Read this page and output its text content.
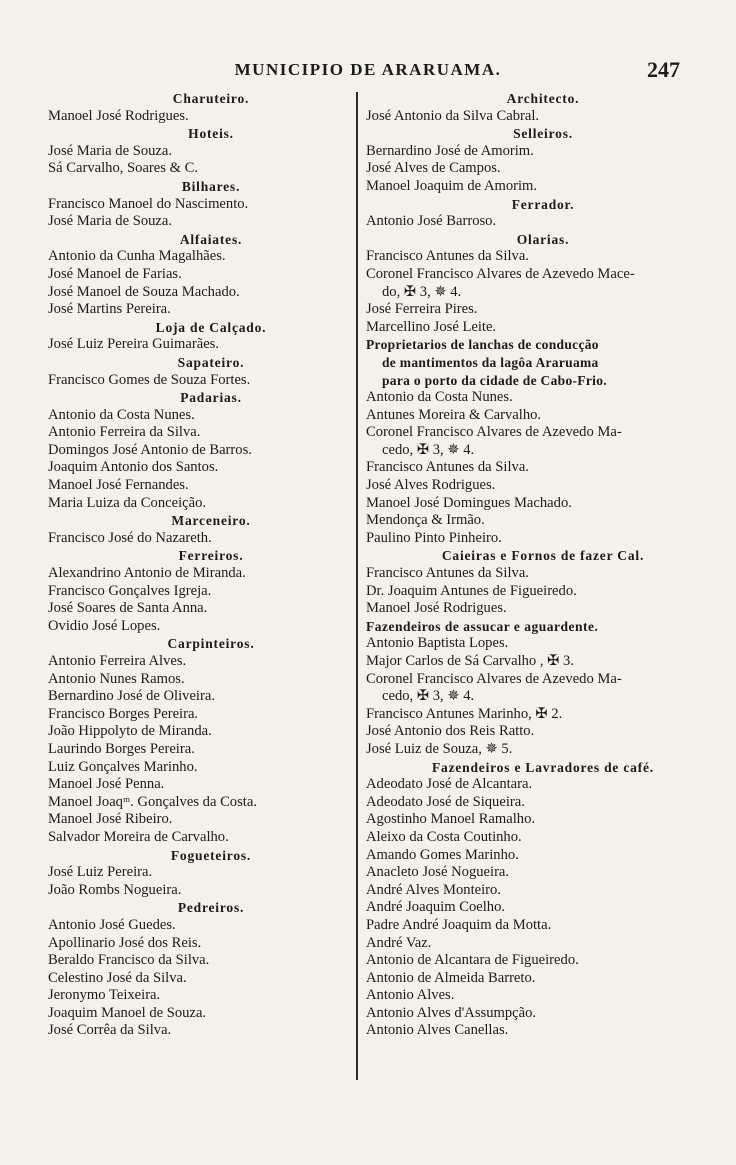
MUNICIPIO DE ARARUAMA.	247
Charuteiro.
Manoel José Rodrigues.
Hoteis.
José Maria de Souza.
Sá Carvalho, Soares & C.
Bilhares.
Francisco Manoel do Nascimento.
José Maria de Souza.
Alfaiates.
Antonio da Cunha Magalhães.
José Manoel de Farias.
José Manoel de Souza Machado.
José Martins Pereira.
Loja de Calçado.
José Luiz Pereira Guimarães.
Sapateiro.
Francisco Gomes de Souza Fortes.
Padarias.
Antonio da Costa Nunes.
Antonio Ferreira da Silva.
Domingos José Antonio de Barros.
Joaquim Antonio dos Santos.
Manoel José Fernandes.
Maria Luiza da Conceição.
Marceneiro.
Francisco José do Nazareth.
Ferreiros.
Alexandrino Antonio de Miranda.
Francisco Gonçalves Igreja.
José Soares de Santa Anna.
Ovidio José Lopes.
Carpinteiros.
Antonio Ferreira Alves.
Antonio Nunes Ramos.
Bernardino José de Oliveira.
Francisco Borges Pereira.
João Hippolyto de Miranda.
Laurindo Borges Pereira.
Luiz Gonçalves Marinho.
Manoel José Penna.
Manoel Joaqᵐ. Gonçalves da Costa.
Manoel José Ribeiro.
Salvador Moreira de Carvalho.
Fogueteiros.
José Luiz Pereira.
João Rombs Nogueira.
Pedreiros.
Antonio José Guedes.
Apollinario José dos Reis.
Beraldo Francisco da Silva.
Celestino José da Silva.
Jeronymo Teixeira.
Joaquim Manoel de Souza.
José Corrêa da Silva.
Architecto.
José Antonio da Silva Cabral.
Selleiros.
Bernardino José de Amorim.
José Alves de Campos.
Manoel Joaquim de Amorim.
Ferrador.
Antonio José Barroso.
Olarias.
Francisco Antunes da Silva.
Coronel Francisco Alvares de Azevedo Mace-
do, ✠ 3, ✵ 4.
José Ferreira Pires.
Marcellino José Leite.
Proprietarios de lanchas de conducção
de mantimentos da lagôa Araruama
para o porto da cidade de Cabo-Frio.
Antonio da Costa Nunes.
Antunes Moreira & Carvalho.
Coronel Francisco Alvares de Azevedo Ma-
cedo, ✠ 3, ✵ 4.
Francisco Antunes da Silva.
José Alves Rodrigues.
Manoel José Domingues Machado.
Mendonça & Irmão.
Paulino Pinto Pinheiro.
Caieiras e Fornos de fazer Cal.
Francisco Antunes da Silva.
Dr. Joaquim Antunes de Figueiredo.
Manoel José Rodrigues.
Fazendeiros de assucar e aguardente.
Antonio Baptista Lopes.
Major Carlos de Sá Carvalho , ✠ 3.
Coronel Francisco Alvares de Azevedo Ma-
cedo, ✠ 3, ✵ 4.
Francisco Antunes Marinho, ✠ 2.
José Antonio dos Reis Ratto.
José Luiz de Souza, ✵ 5.
Fazendeiros e Lavradores de café.
Adeodato José de Alcantara.
Adeodato José de Siqueira.
Agostinho Manoel Ramalho.
Aleixo da Costa Coutinho.
Amando Gomes Marinho.
Anacleto José Nogueira.
André Alves Monteiro.
André Joaquim Coelho.
Padre André Joaquim da Motta.
André Vaz.
Antonio de Alcantara de Figueiredo.
Antonio de Almeida Barreto.
Antonio Alves.
Antonio Alves d'Assumpção.
Antonio Alves Canellas.
